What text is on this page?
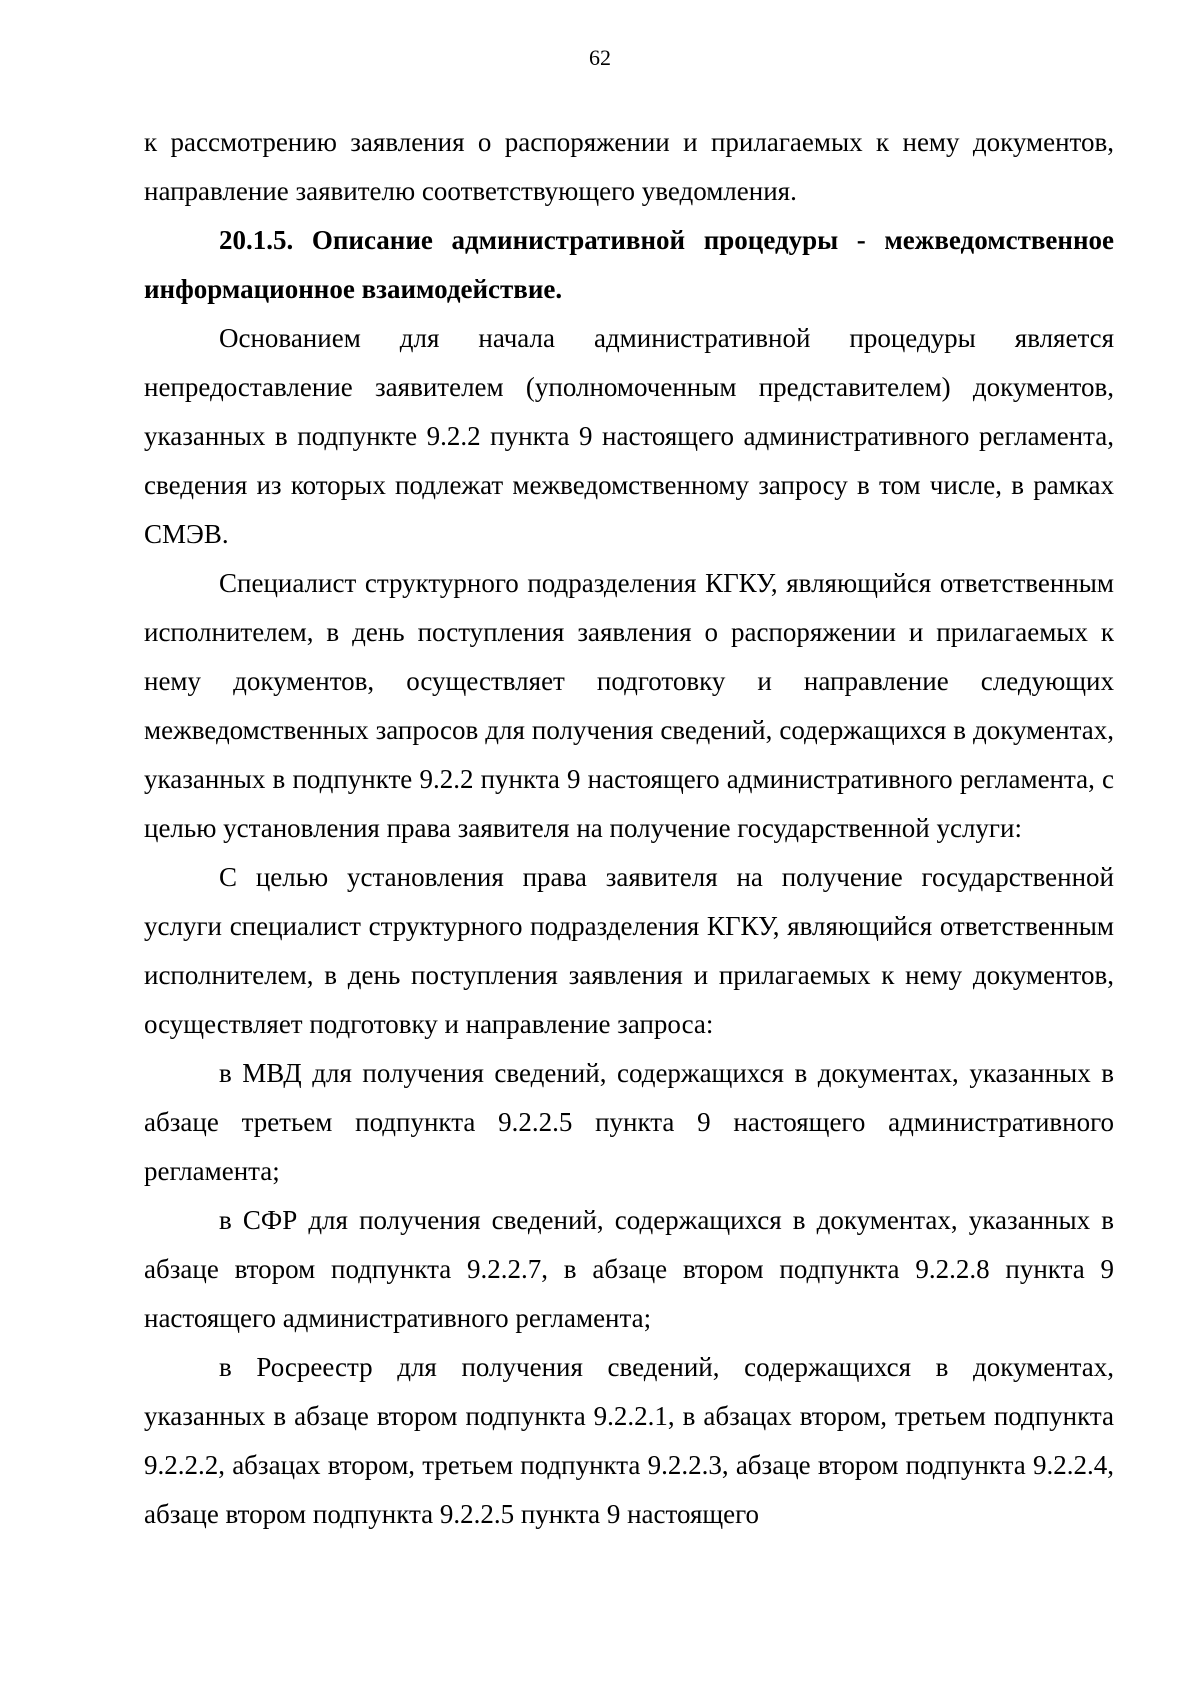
62

к рассмотрению заявления о распоряжении и прилагаемых к нему документов, направление заявителю соответствующего уведомления.

20.1.5. Описание административной процедуры - межведомственное информационное взаимодействие.

Основанием для начала административной процедуры является непредоставление заявителем (уполномоченным представителем) документов, указанных в подпункте 9.2.2 пункта 9 настоящего административного регламента, сведения из которых подлежат межведомственному запросу в том числе, в рамках СМЭВ.

Специалист структурного подразделения КГКУ, являющийся ответственным исполнителем, в день поступления заявления о распоряжении и прилагаемых к нему документов, осуществляет подготовку и направление следующих межведомственных запросов для получения сведений, содержащихся в документах, указанных в подпункте 9.2.2 пункта 9 настоящего административного регламента, с целью установления права заявителя на получение государственной услуги:

С целью установления права заявителя на получение государственной услуги специалист структурного подразделения КГКУ, являющийся ответственным исполнителем, в день поступления заявления и прилагаемых к нему документов, осуществляет подготовку и направление запроса:

в МВД для получения сведений, содержащихся в документах, указанных в абзаце третьем подпункта 9.2.2.5 пункта 9 настоящего административного регламента;

в СФР для получения сведений, содержащихся в документах, указанных в абзаце втором подпункта 9.2.2.7, в абзаце втором подпункта 9.2.2.8 пункта 9 настоящего административного регламента;

в Росреестр для получения сведений, содержащихся в документах, указанных в абзаце втором подпункта 9.2.2.1, в абзацах втором, третьем подпункта 9.2.2.2, абзацах втором, третьем подпункта 9.2.2.3, абзаце втором подпункта 9.2.2.4, абзаце втором подпункта 9.2.2.5 пункта 9 настоящего
